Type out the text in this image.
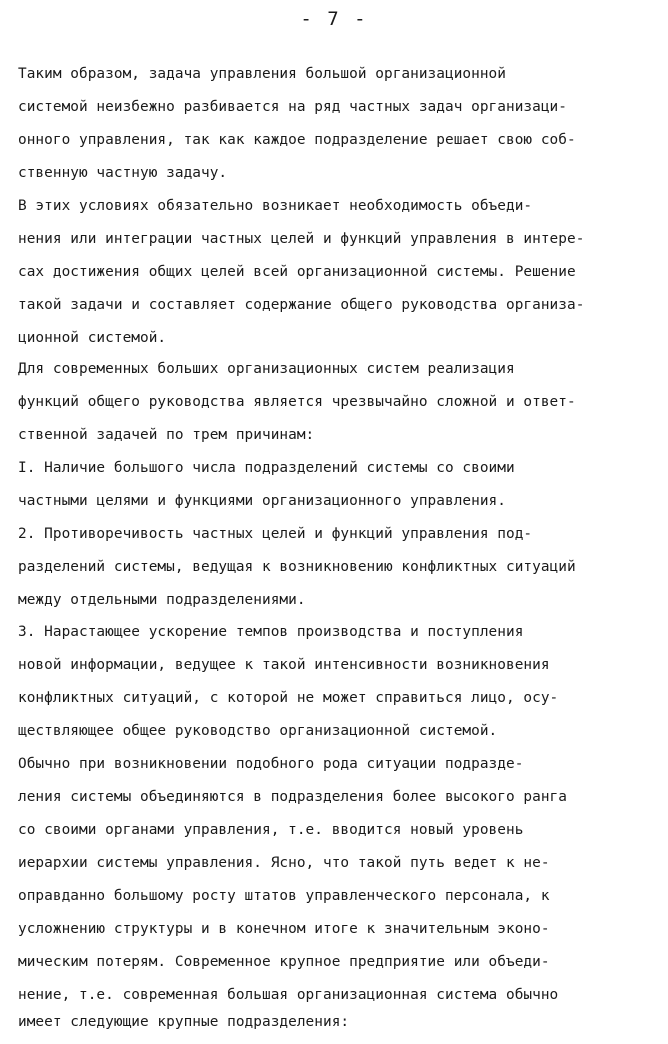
- 7 -
Таким образом, задача управления большой организационной
системой неизбежно разбивается на ряд частных задач организаци-
онного управления, так как каждое подразделение решает свою соб-
ственную частную задачу.
В этих условиях обязательно возникает необходимость объеди-
нения или интеграции частных целей и функций управления в интере-
сах достижения общих целей всей организационной системы. Решение
такой задачи и составляет содержание общего руководства организа-
ционной системой.
Для современных больших организационных систем реализация
функций общего руководства является чрезвычайно сложной и ответ-
ственной задачей по трем причинам:
I. Наличие большого числа подразделений системы со своими
частными целями и функциями организационного управления.
2. Противоречивость частных целей и функций управления под-
разделений системы, ведущая к возникновению конфликтных ситуаций
между отдельными подразделениями.
3. Нарастающее ускорение темпов производства и поступления
новой информации, ведущее к такой интенсивности возникновения
конфликтных ситуаций, с которой не может справиться лицо, осу-
ществляющее общее руководство организационной системой.
Обычно при возникновении подобного рода ситуации подразде-
ления системы объединяются в подразделения более высокого ранга
со своими органами управления, т.е. вводится новый уровень
иерархии системы управления. Ясно, что такой путь ведет к не-
оправданно большому росту штатов управленческого персонала, к
усложнению структуры и в конечном итоге к значительным эконо-
мическим потерям. Современное крупное предприятие или объеди-
нение, т.е. современная большая организационная система обычно
имеет следующие крупные подразделения:
